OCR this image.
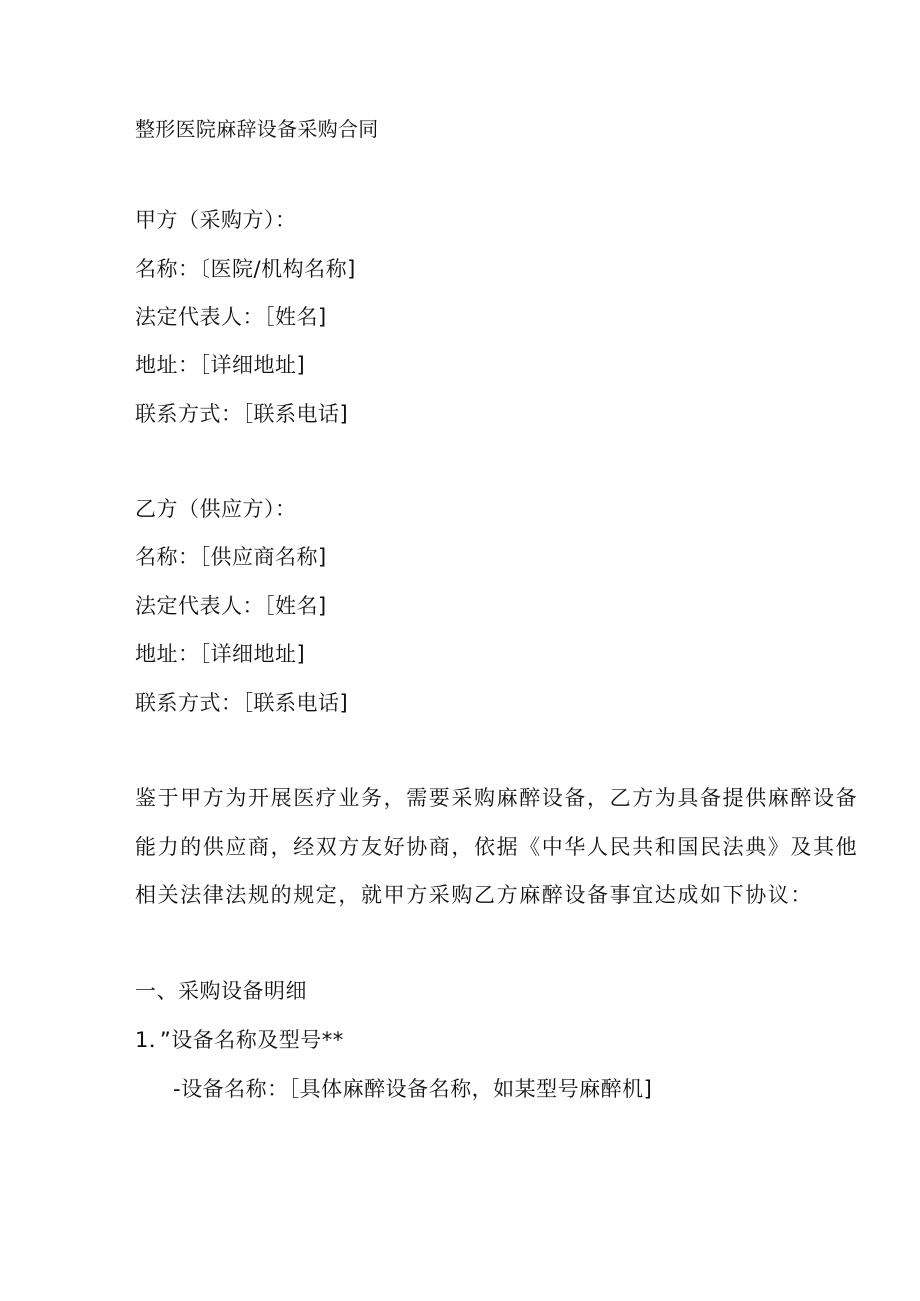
整形医院麻辞设备采购合同
甲方（采购方）：
名称：〔医院/机构名称]
法定代表人：［姓名]
地址：［详细地址]
联系方式：［联系电话]
乙方（供应方）：
名称：［供应商名称]
法定代表人：［姓名]
地址：［详细地址]
联系方式：［联系电话]
鉴于甲方为开展医疗业务，需要采购麻醉设备，乙方为具备提供麻醉设备
能力的供应商，经双方友好协商，依据《中华人民共和国民法典》及其他
相关法律法规的规定，就甲方采购乙方麻醉设备事宜达成如下协议：
一、采购设备明细
1．”设备名称及型号**
-设备名称：［具体麻醉设备名称，如某型号麻醉机]
